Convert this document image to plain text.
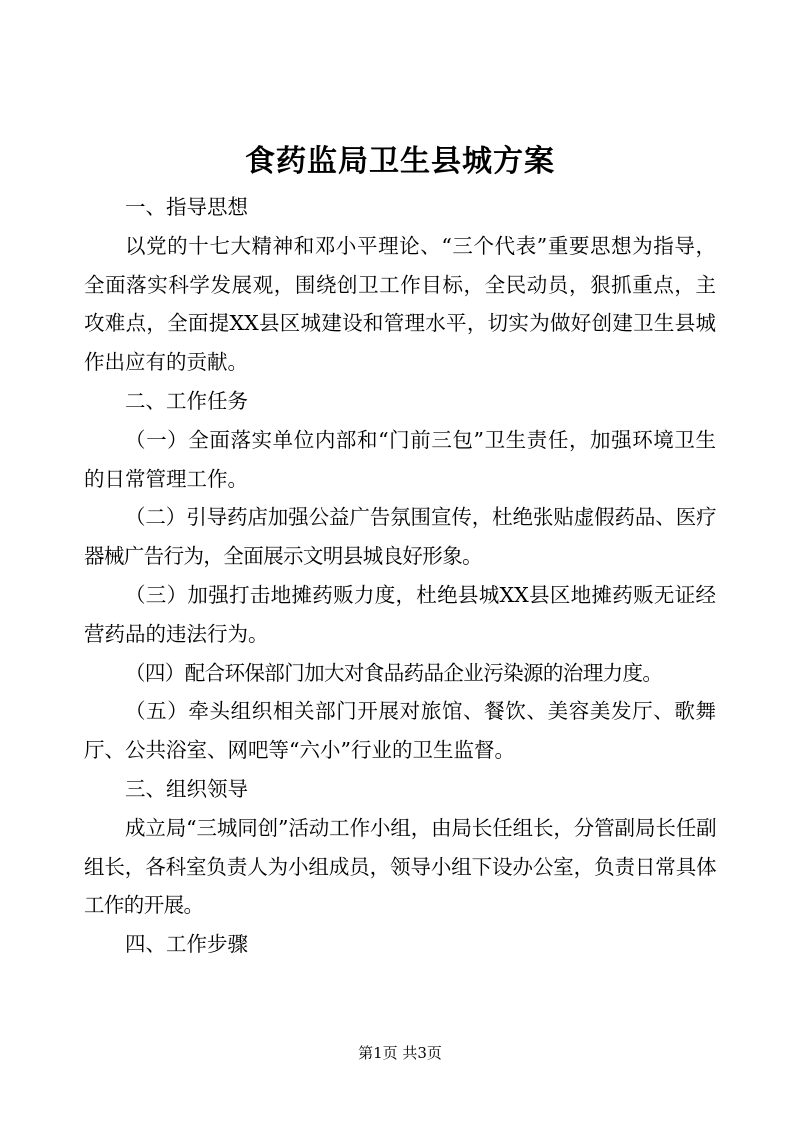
食药监局卫生县城方案

一、指导思想

以党的十七大精神和邓小平理论、“三个代表”重要思想为指导，全面落实科学发展观，围绕创卫工作目标，全民动员，狠抓重点，主攻难点，全面提XX县区城建设和管理水平，切实为做好创建卫生县城作出应有的贡献。

二、工作任务

（一）全面落实单位内部和“门前三包”卫生责任，加强环境卫生的日常管理工作。

（二）引导药店加强公益广告氛围宣传，杜绝张贴虚假药品、医疗器械广告行为，全面展示文明县城良好形象。

（三）加强打击地摊药贩力度，杜绝县城XX县区地摊药贩无证经营药品的违法行为。

（四）配合环保部门加大对食品药品企业污染源的治理力度。

（五）牵头组织相关部门开展对旅馆、餐饮、美容美发厅、歌舞厅、公共浴室、网吧等“六小”行业的卫生监督。

三、组织领导

成立局“三城同创”活动工作小组，由局长任组长，分管副局长任副组长，各科室负责人为小组成员，领导小组下设办公室，负责日常具体工作的开展。

四、工作步骤

第1页 共3页
